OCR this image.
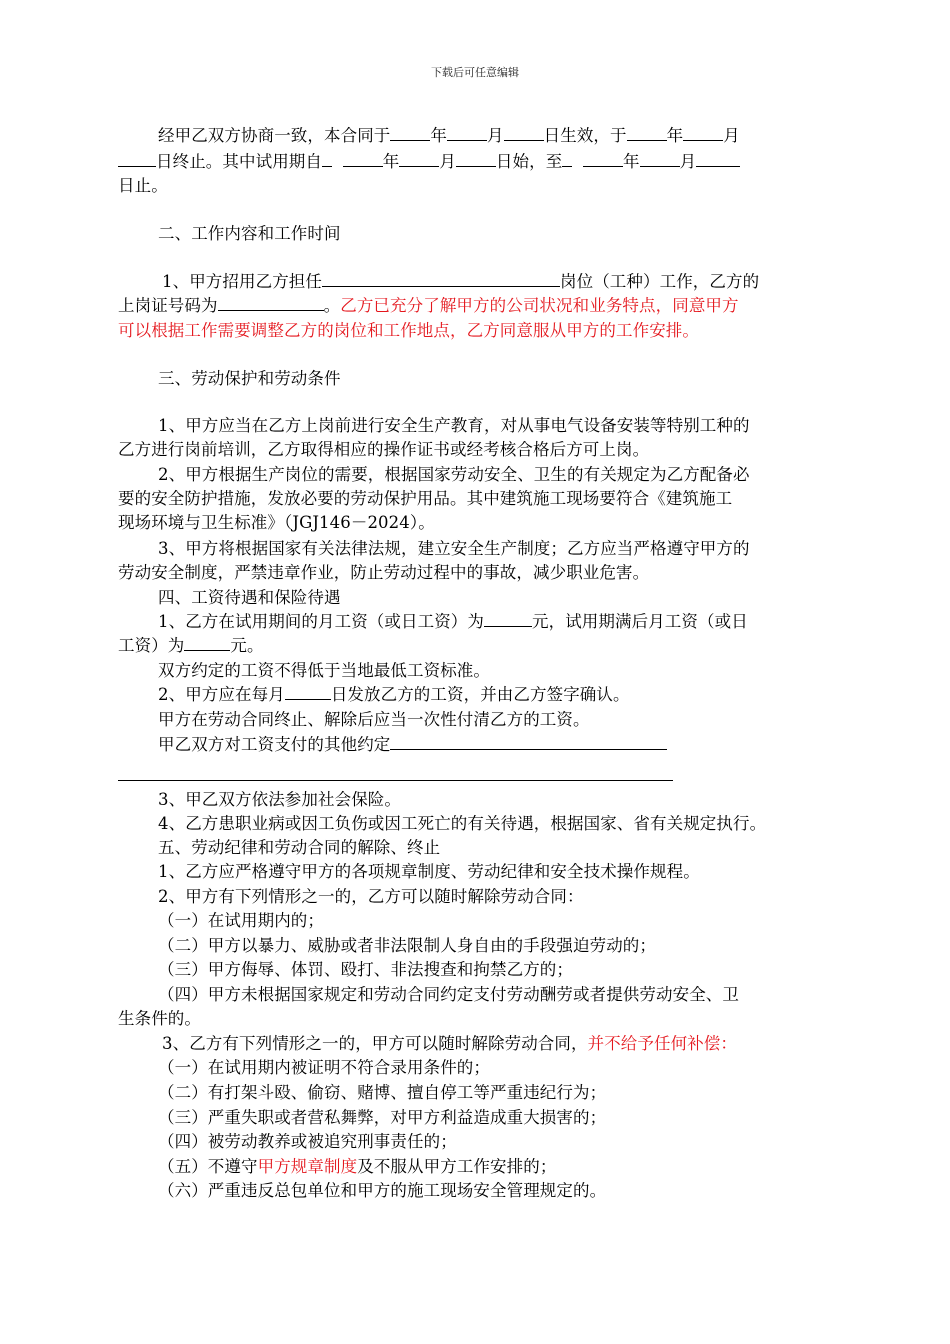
下载后可任意编辑
经甲乙双方协商一致，本合同于 年 月 日生效，于 年 月
日终止。其中试用期自	年 月 日始，至	年 月
日止。
二、工作内容和工作时间
1、甲方招用乙方担任	岗位（工种）工作，乙方的
上岗证号码为	。乙方已充分了解甲方的公司状况和业务特点，同意甲方
可以根据工作需要调整乙方的岗位和工作地点，乙方同意服从甲方的工作安排。
三、劳动保护和劳动条件
1、甲方应当在乙方上岗前进行安全生产教育，对从事电气设备安装等特别工种的
乙方进行岗前培训，乙方取得相应的操作证书或经考核合格后方可上岗。
2、甲方根据生产岗位的需要，根据国家劳动安全、卫生的有关规定为乙方配备必
要的安全防护措施，发放必要的劳动保护用品。其中建筑施工现场要符合《建筑施工
现场环境与卫生标准》（JGJ146－2024）。
3、甲方将根据国家有关法律法规，建立安全生产制度；乙方应当严格遵守甲方的
劳动安全制度，严禁违章作业，防止劳动过程中的事故，减少职业危害。
四、工资待遇和保险待遇
1、乙方在试用期间的月工资（或日工资）为	元，试用期满后月工资（或日
工资）为	元。
双方约定的工资不得低于当地最低工资标准。
2、甲方应在每月	日发放乙方的工资，并由乙方签字确认。
甲方在劳动合同终止、解除后应当一次性付清乙方的工资。
甲乙双方对工资支付的其他约定
3、甲乙双方依法参加社会保险。
4、乙方患职业病或因工负伤或因工死亡的有关待遇，根据国家、省有关规定执行。
五、劳动纪律和劳动合同的解除、终止
1、乙方应严格遵守甲方的各项规章制度、劳动纪律和安全技术操作规程。
2、甲方有下列情形之一的，乙方可以随时解除劳动合同：
（一）在试用期内的；
（二）甲方以暴力、威胁或者非法限制人身自由的手段强迫劳动的；
（三）甲方侮辱、体罚、殴打、非法搜查和拘禁乙方的；
（四）甲方未根据国家规定和劳动合同约定支付劳动酬劳或者提供劳动安全、卫
生条件的。
3、乙方有下列情形之一的，甲方可以随时解除劳动合同，并不给予任何补偿：
（一）在试用期内被证明不符合录用条件的；
（二）有打架斗殴、偷窃、赌博、擅自停工等严重违纪行为；
（三）严重失职或者营私舞弊，对甲方利益造成重大损害的；
（四）被劳动教养或被追究刑事责任的；
（五）不遵守甲方规章制度及不服从甲方工作安排的；
（六）严重违反总包单位和甲方的施工现场安全管理规定的。
